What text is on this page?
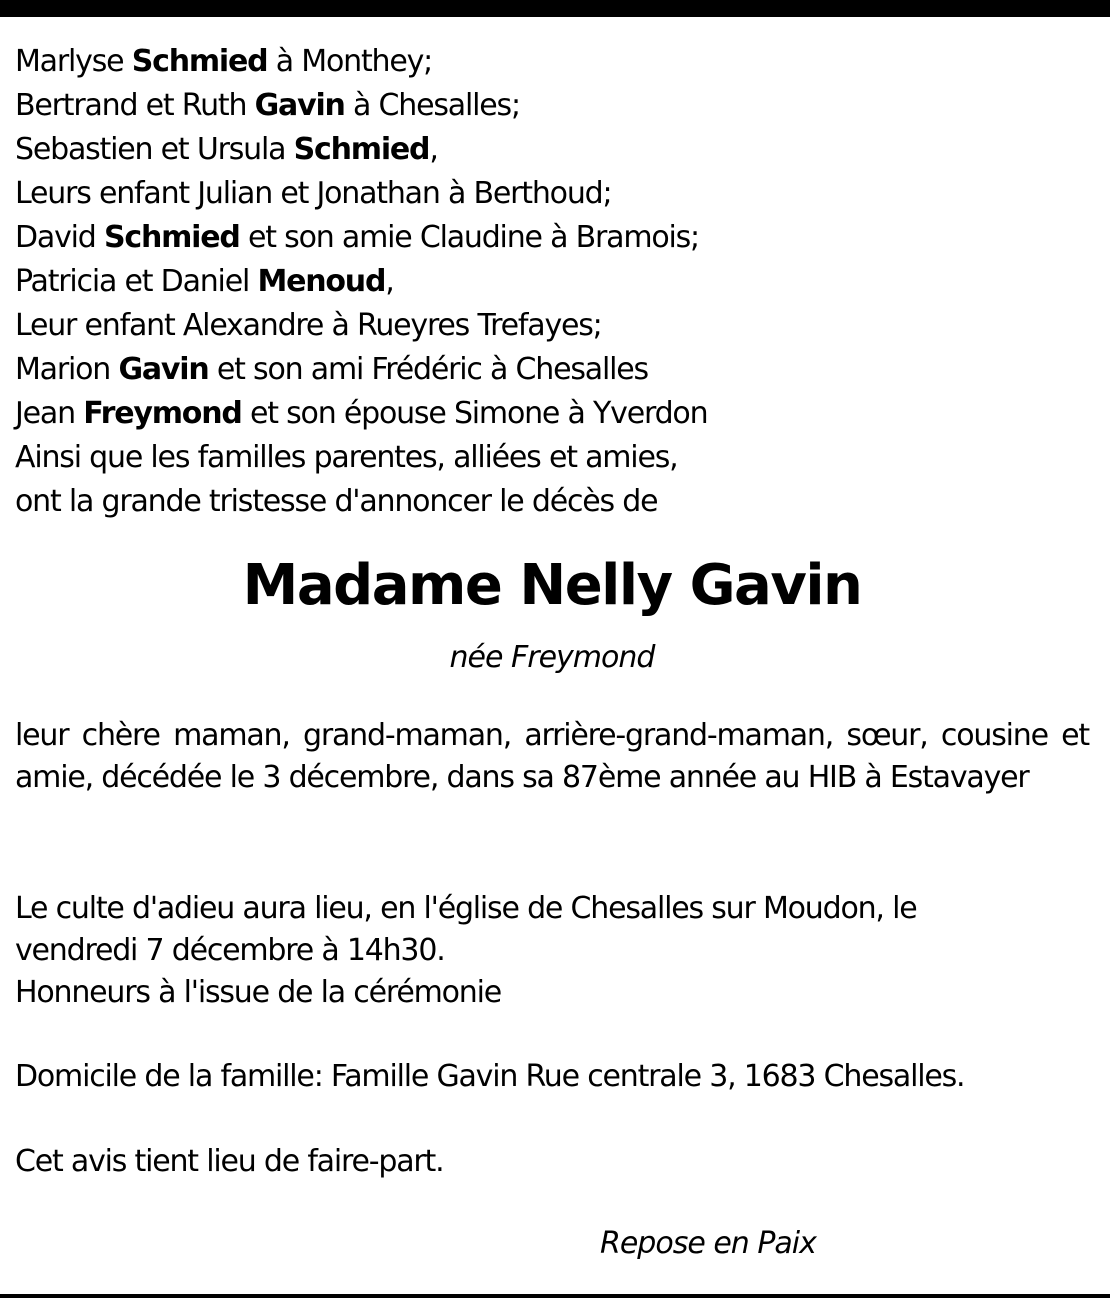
Marlyse Schmied à Monthey;
Bertrand et Ruth Gavin à Chesalles;
Sebastien et Ursula Schmied,
Leurs enfant Julian et Jonathan à Berthoud;
David Schmied et son amie Claudine à Bramois;
Patricia et Daniel Menoud,
Leur enfant Alexandre à Rueyres Trefayes;
Marion Gavin et son ami Frédéric à Chesalles
Jean Freymond et son épouse Simone à Yverdon
Ainsi que les familles parentes, alliées et amies,
ont la grande tristesse d'annoncer le décès de
Madame Nelly Gavin
née Freymond
leur chère maman, grand-maman, arrière-grand-maman, sœur, cousine et amie, décédée le 3 décembre, dans sa 87ème année au HIB à Estavayer
Le culte d'adieu aura lieu, en l'église de Chesalles sur Moudon, le
vendredi 7 décembre à 14h30.
Honneurs à l'issue de la cérémonie
Domicile de la famille: Famille Gavin Rue centrale 3, 1683 Chesalles.
Cet avis tient lieu de faire-part.
Repose en Paix
